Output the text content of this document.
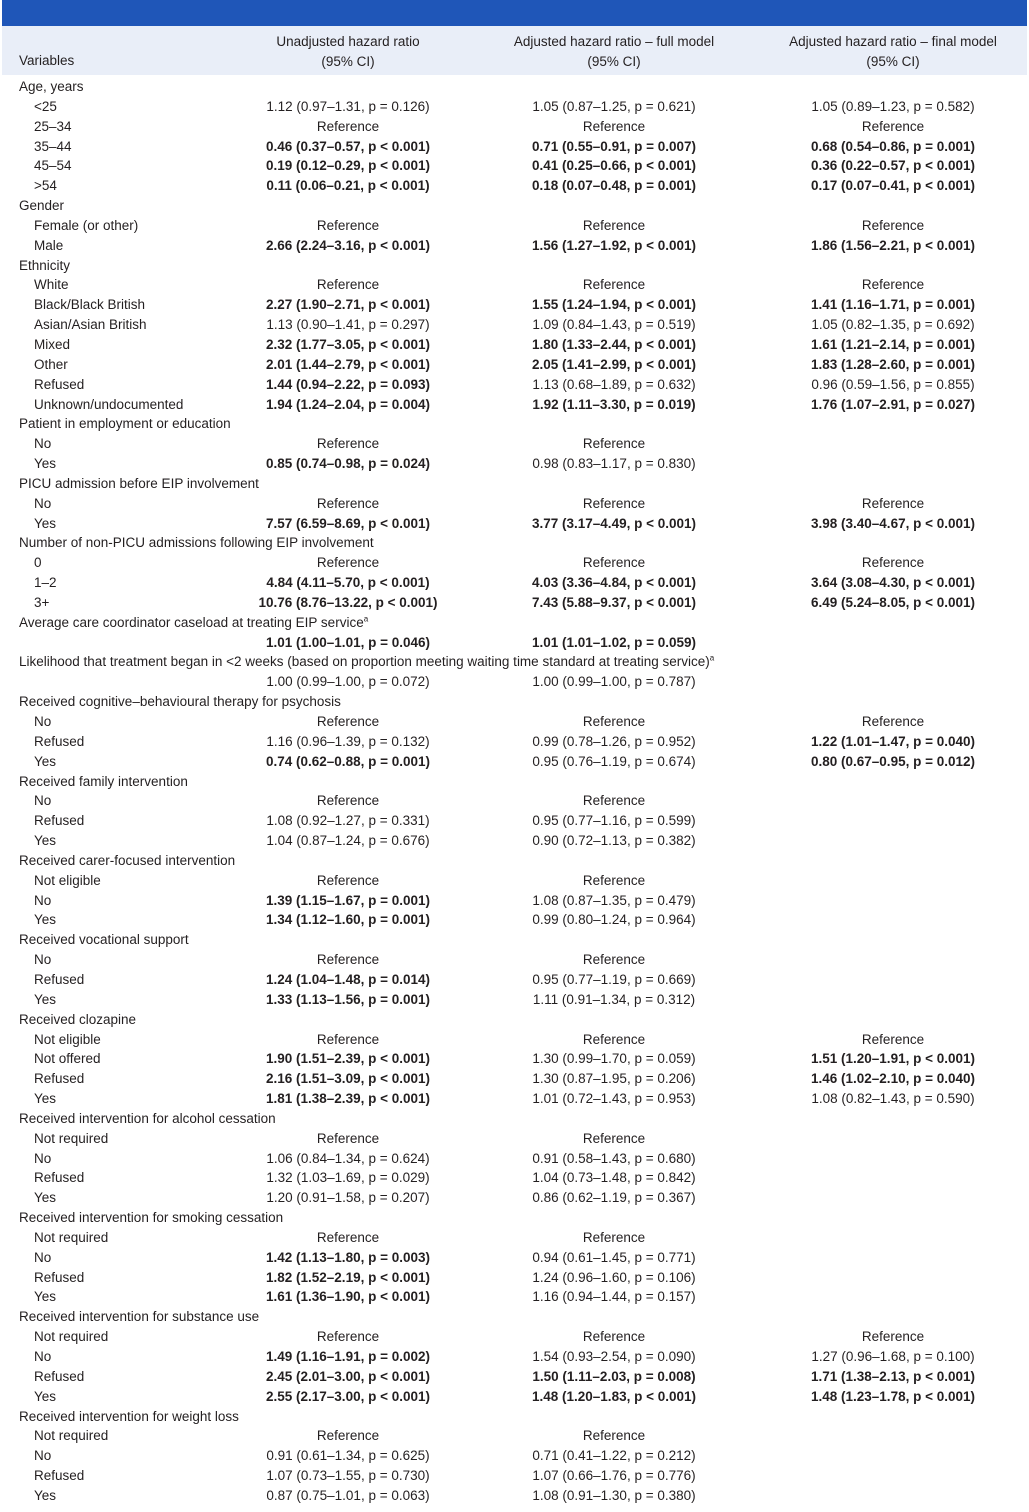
Unadjusted hazard ratio
(95% CI)
Adjusted hazard ratio – full model
(95% CI)
Adjusted hazard ratio – final model
(95% CI)
Variables
Age, years
<25	1.12 (0.97–1.31, p = 0.126)	1.05 (0.87–1.25, p = 0.621)	1.05 (0.89–1.23, p = 0.582)
25–34	Reference	Reference	Reference
35–44	0.46 (0.37–0.57, p < 0.001)	0.71 (0.55–0.91, p = 0.007)	0.68 (0.54–0.86, p = 0.001)
45–54	0.19 (0.12–0.29, p < 0.001)	0.41 (0.25–0.66, p < 0.001)	0.36 (0.22–0.57, p < 0.001)
>54	0.11 (0.06–0.21, p < 0.001)	0.18 (0.07–0.48, p = 0.001)	0.17 (0.07–0.41, p < 0.001)
Gender
Female (or other)	Reference	Reference	Reference
Male	2.66 (2.24–3.16, p < 0.001)	1.56 (1.27–1.92, p < 0.001)	1.86 (1.56–2.21, p < 0.001)
Ethnicity
White	Reference	Reference	Reference
Black/Black British	2.27 (1.90–2.71, p < 0.001)	1.55 (1.24–1.94, p < 0.001)	1.41 (1.16–1.71, p = 0.001)
Asian/Asian British	1.13 (0.90–1.41, p = 0.297)	1.09 (0.84–1.43, p = 0.519)	1.05 (0.82–1.35, p = 0.692)
Mixed	2.32 (1.77–3.05, p < 0.001)	1.80 (1.33–2.44, p < 0.001)	1.61 (1.21–2.14, p = 0.001)
Other	2.01 (1.44–2.79, p < 0.001)	2.05 (1.41–2.99, p < 0.001)	1.83 (1.28–2.60, p = 0.001)
Refused	1.44 (0.94–2.22, p = 0.093)	1.13 (0.68–1.89, p = 0.632)	0.96 (0.59–1.56, p = 0.855)
Unknown/undocumented	1.94 (1.24–2.04, p = 0.004)	1.92 (1.11–3.30, p = 0.019)	1.76 (1.07–2.91, p = 0.027)
Patient in employment or education
No	Reference	Reference
Yes	0.85 (0.74–0.98, p = 0.024)	0.98 (0.83–1.17, p = 0.830)
PICU admission before EIP involvement
No	Reference	Reference	Reference
Yes	7.57 (6.59–8.69, p < 0.001)	3.77 (3.17–4.49, p < 0.001)	3.98 (3.40–4.67, p < 0.001)
Number of non-PICU admissions following EIP involvement
0	Reference	Reference	Reference
1–2	4.84 (4.11–5.70, p < 0.001)	4.03 (3.36–4.84, p < 0.001)	3.64 (3.08–4.30, p < 0.001)
3+	10.76 (8.76–13.22, p < 0.001)	7.43 (5.88–9.37, p < 0.001)	6.49 (5.24–8.05, p < 0.001)
Average care coordinator caseload at treating EIP service$^a$
1.01 (1.00–1.01, p = 0.046)	1.01 (1.01–1.02, p = 0.059)
Likelihood that treatment began in <2 weeks (based on proportion meeting waiting time standard at treating service)$^a$
1.00 (0.99–1.00, p = 0.072)	1.00 (0.99–1.00, p = 0.787)
Received cognitive–behavioural therapy for psychosis
No	Reference	Reference	Reference
Refused	1.16 (0.96–1.39, p = 0.132)	0.99 (0.78–1.26, p = 0.952)	1.22 (1.01–1.47, p = 0.040)
Yes	0.74 (0.62–0.88, p = 0.001)	0.95 (0.76–1.19, p = 0.674)	0.80 (0.67–0.95, p = 0.012)
Received family intervention
No	Reference	Reference
Refused	1.08 (0.92–1.27, p = 0.331)	0.95 (0.77–1.16, p = 0.599)
Yes	1.04 (0.87–1.24, p = 0.676)	0.90 (0.72–1.13, p = 0.382)
Received carer-focused intervention
Not eligible	Reference	Reference
No	1.39 (1.15–1.67, p = 0.001)	1.08 (0.87–1.35, p = 0.479)
Yes	1.34 (1.12–1.60, p = 0.001)	0.99 (0.80–1.24, p = 0.964)
Received vocational support
No	Reference	Reference
Refused	1.24 (1.04–1.48, p = 0.014)	0.95 (0.77–1.19, p = 0.669)
Yes	1.33 (1.13–1.56, p = 0.001)	1.11 (0.91–1.34, p = 0.312)
Received clozapine
Not eligible	Reference	Reference	Reference
Not offered	1.90 (1.51–2.39, p < 0.001)	1.30 (0.99–1.70, p = 0.059)	1.51 (1.20–1.91, p < 0.001)
Refused	2.16 (1.51–3.09, p < 0.001)	1.30 (0.87–1.95, p = 0.206)	1.46 (1.02–2.10, p = 0.040)
Yes	1.81 (1.38–2.39, p < 0.001)	1.01 (0.72–1.43, p = 0.953)	1.08 (0.82–1.43, p = 0.590)
Received intervention for alcohol cessation
Not required	Reference	Reference
No	1.06 (0.84–1.34, p = 0.624)	0.91 (0.58–1.43, p = 0.680)
Refused	1.32 (1.03–1.69, p = 0.029)	1.04 (0.73–1.48, p = 0.842)
Yes	1.20 (0.91–1.58, p = 0.207)	0.86 (0.62–1.19, p = 0.367)
Received intervention for smoking cessation
Not required	Reference	Reference
No	1.42 (1.13–1.80, p = 0.003)	0.94 (0.61–1.45, p = 0.771)
Refused	1.82 (1.52–2.19, p < 0.001)	1.24 (0.96–1.60, p = 0.106)
Yes	1.61 (1.36–1.90, p < 0.001)	1.16 (0.94–1.44, p = 0.157)
Received intervention for substance use
Not required	Reference	Reference	Reference
No	1.49 (1.16–1.91, p = 0.002)	1.54 (0.93–2.54, p = 0.090)	1.27 (0.96–1.68, p = 0.100)
Refused	2.45 (2.01–3.00, p < 0.001)	1.50 (1.11–2.03, p = 0.008)	1.71 (1.38–2.13, p < 0.001)
Yes	2.55 (2.17–3.00, p < 0.001)	1.48 (1.20–1.83, p < 0.001)	1.48 (1.23–1.78, p < 0.001)
Received intervention for weight loss
Not required	Reference	Reference
No	0.91 (0.61–1.34, p = 0.625)	0.71 (0.41–1.22, p = 0.212)
Refused	1.07 (0.73–1.55, p = 0.730)	1.07 (0.66–1.76, p = 0.776)
Yes	0.87 (0.75–1.01, p = 0.063)	1.08 (0.91–1.30, p = 0.380)
